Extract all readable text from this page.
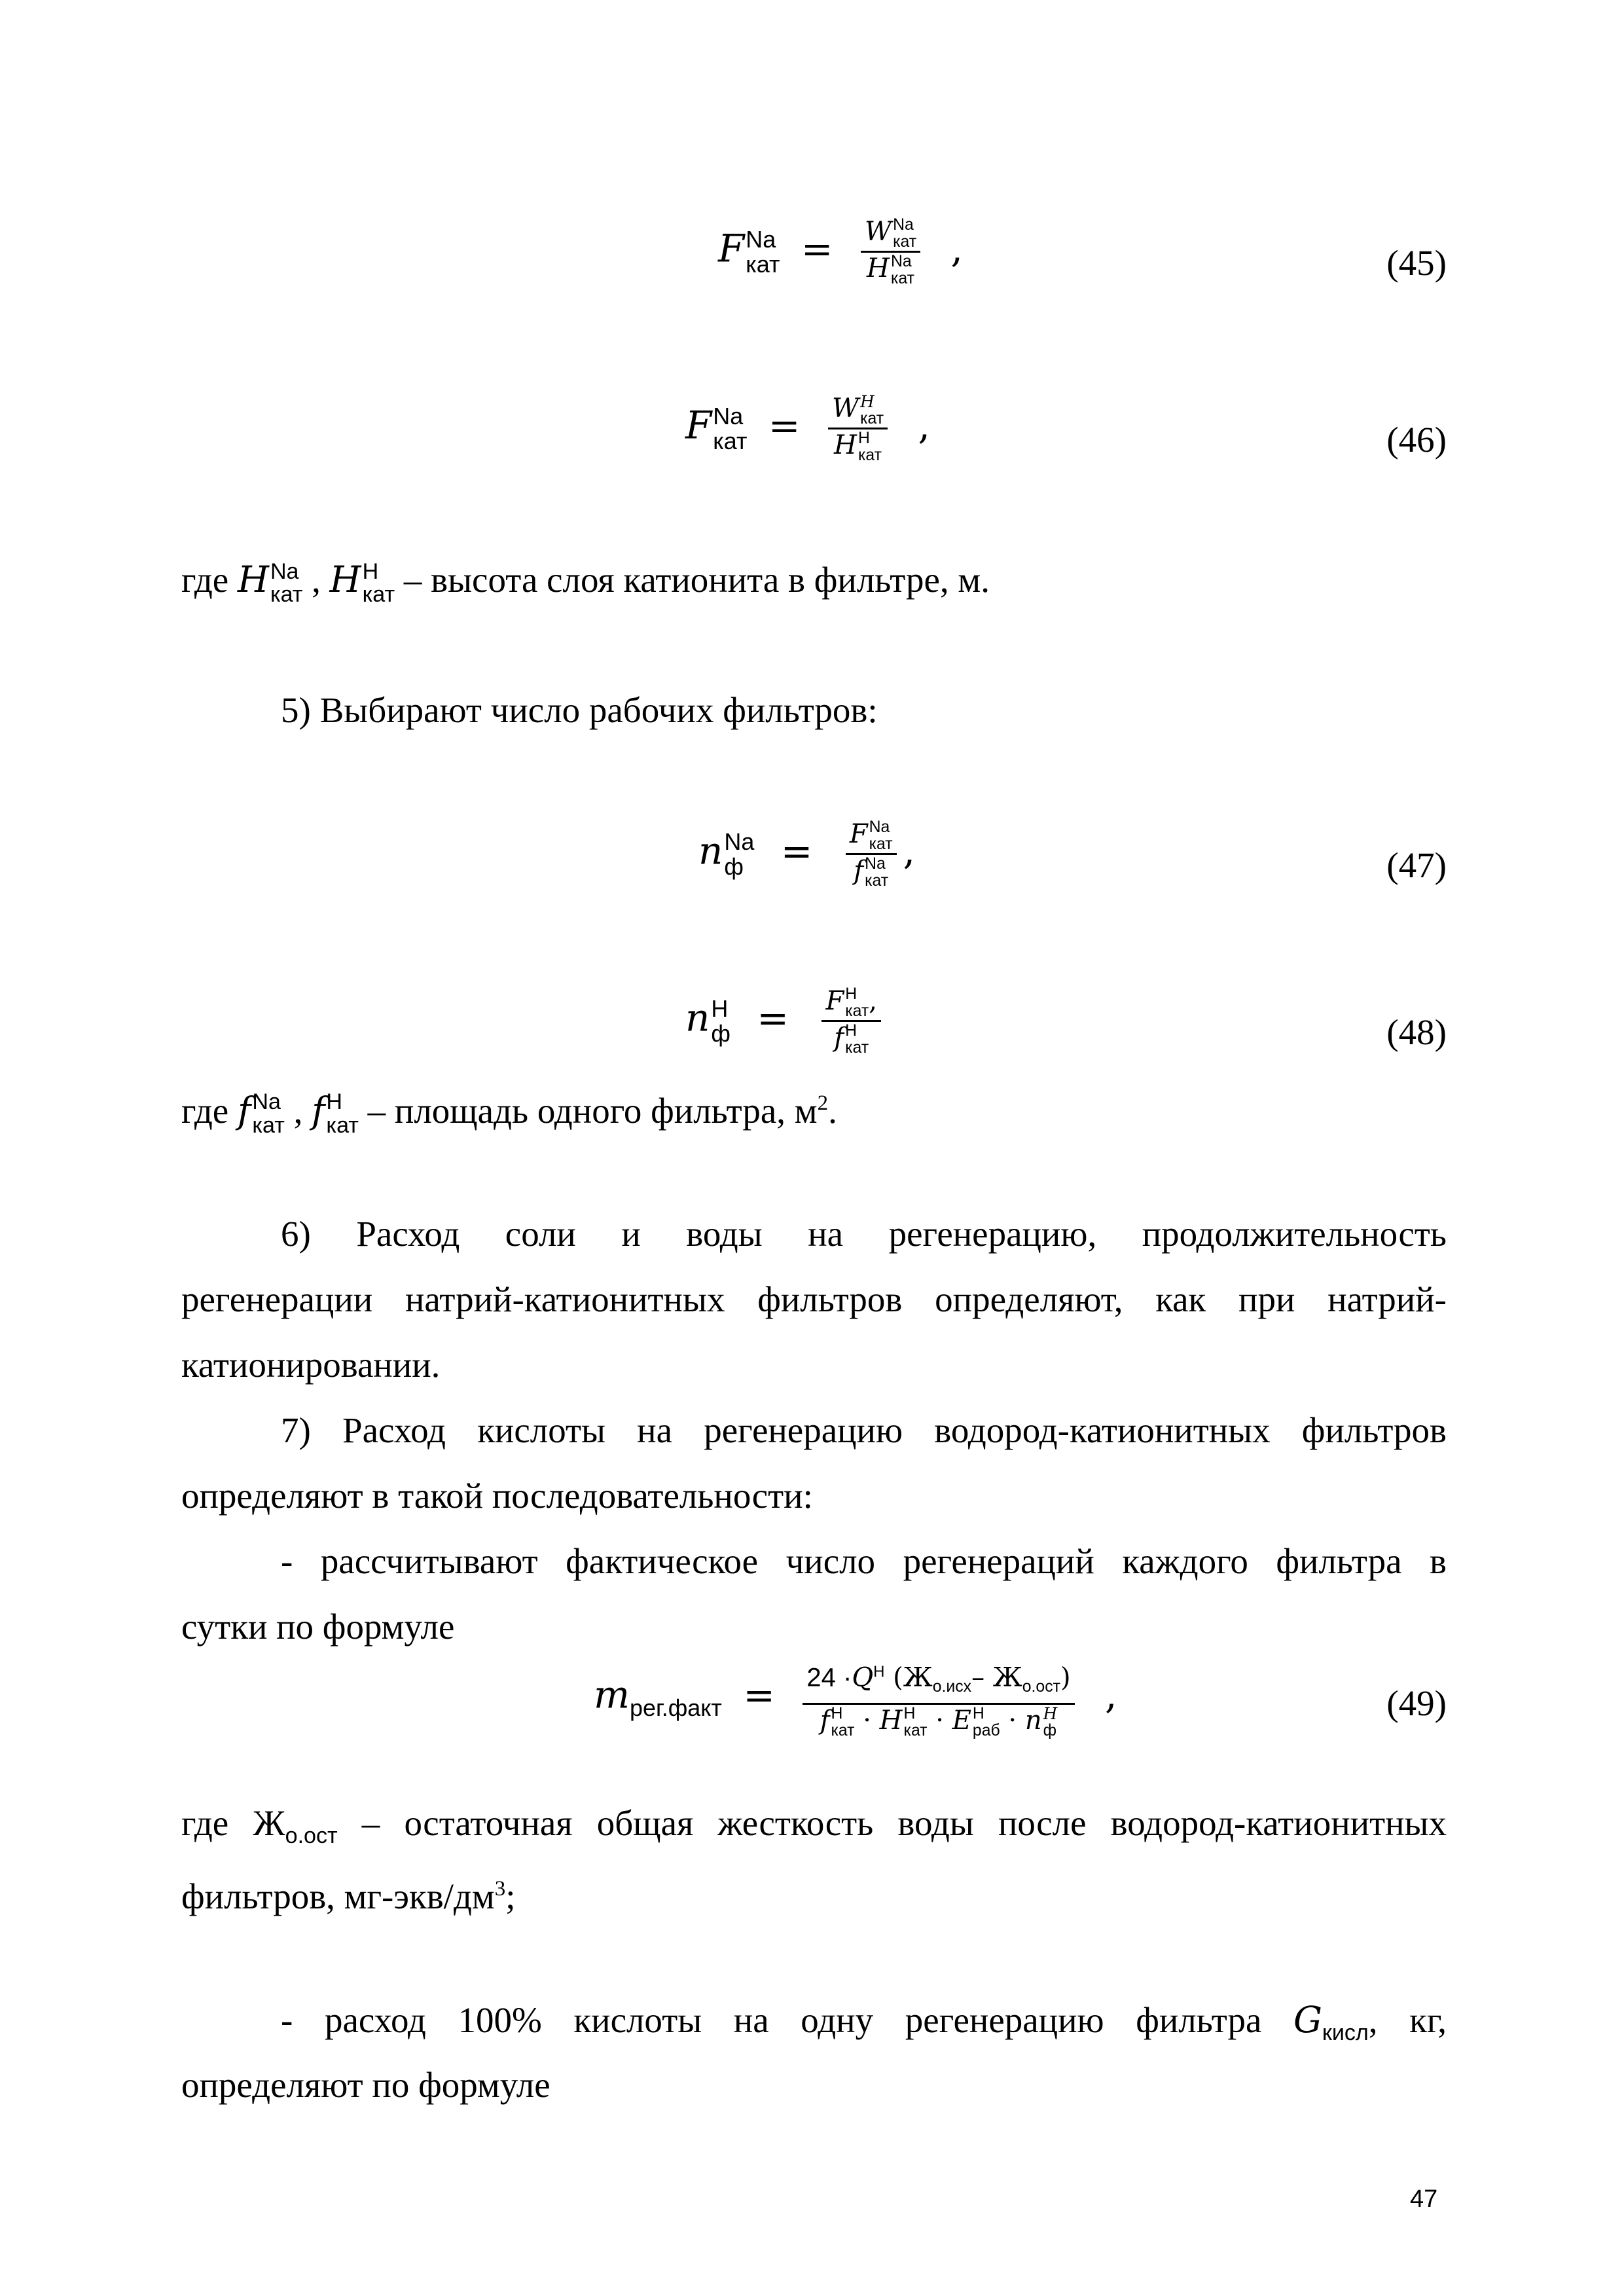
F Na
кат = W Na
кат
H Na
кат ,	(45)
F Na
кат = W H
кат
H H
кат ,	(46)
где H Na
кат , H H
кат – высота слоя катионита в фильтре, м.
5) Выбирают число рабочих фильтров:
n Na
ф = F Na
кат
f Na
кат ,	(47)
n H
ф = F H
кат ,
f H
кат	(48)
где f Na
кат , f H
кат – площадь одного фильтра, $м^2$.
6) Расход соли и воды на регенерацию, продолжительность
регенерации натрий-катионитных фильтров определяют, как при натрий-
катионировании.
7) Расход кислоты на регенерацию водород-катионитных фильтров
определяют в такой последовательности:
- рассчитывают фактическое число регенераций каждого фильтра в
сутки по формуле
$m_{рег.факт} = 24 \cdot Q^H$ ($Ж_{о.исх}-$ $Ж_{о.ост}$)
f H
кат · H H
кат · E H
раб · n H
ф ,	(49)
где $Ж_{о.ост}$ – остаточная общая жесткость воды после водород-катионитных
фильтров, $мг-экв/дм^3$;
- расход 100% кислоты на одну регенерацию фильтра $G_{кисл}$, кг,
определяют по формуле
47
